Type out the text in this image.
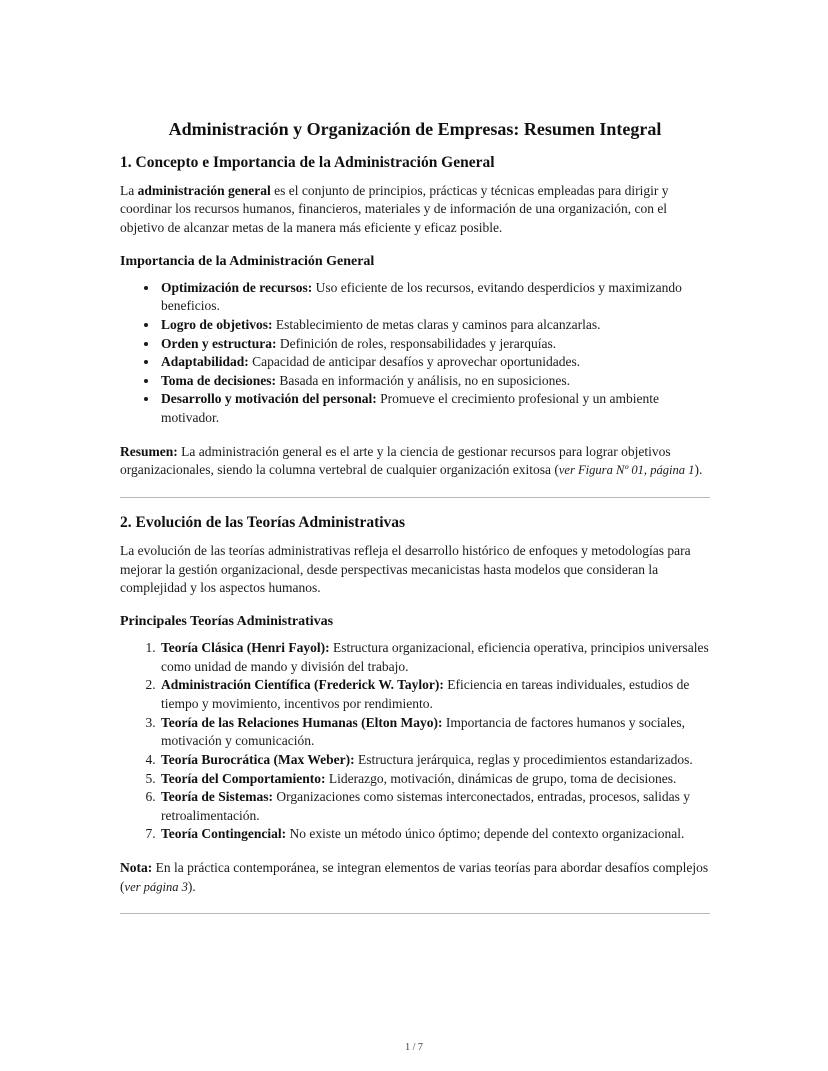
Administración y Organización de Empresas: Resumen Integral
1. Concepto e Importancia de la Administración General

La administración general es el conjunto de principios, prácticas y técnicas empleadas para dirigir y coordinar los recursos humanos, financieros, materiales y de información de una organización, con el objetivo de alcanzar metas de la manera más eficiente y eficaz posible.

Importancia de la Administración General
• Optimización de recursos: Uso eficiente de los recursos, evitando desperdicios y maximizando beneficios.
• Logro de objetivos: Establecimiento de metas claras y caminos para alcanzarlas.
• Orden y estructura: Definición de roles, responsabilidades y jerarquías.
• Adaptabilidad: Capacidad de anticipar desafíos y aprovechar oportunidades.
• Toma de decisiones: Basada en información y análisis, no en suposiciones.
• Desarrollo y motivación del personal: Promueve el crecimiento profesional y un ambiente motivador.

Resumen: La administración general es el arte y la ciencia de gestionar recursos para lograr objetivos organizacionales, siendo la columna vertebral de cualquier organización exitosa (ver Figura Nº 01, página 1).

2. Evolución de las Teorías Administrativas

La evolución de las teorías administrativas refleja el desarrollo histórico de enfoques y metodologías para mejorar la gestión organizacional, desde perspectivas mecanicistas hasta modelos que consideran la complejidad y los aspectos humanos.

Principales Teorías Administrativas
1. Teoría Clásica (Henri Fayol): Estructura organizacional, eficiencia operativa, principios universales como unidad de mando y división del trabajo.
2. Administración Científica (Frederick W. Taylor): Eficiencia en tareas individuales, estudios de tiempo y movimiento, incentivos por rendimiento.
3. Teoría de las Relaciones Humanas (Elton Mayo): Importancia de factores humanos y sociales, motivación y comunicación.
4. Teoría Burocrática (Max Weber): Estructura jerárquica, reglas y procedimientos estandarizados.
5. Teoría del Comportamiento: Liderazgo, motivación, dinámicas de grupo, toma de decisiones.
6. Teoría de Sistemas: Organizaciones como sistemas interconectados, entradas, procesos, salidas y retroalimentación.
7. Teoría Contingencial: No existe un método único óptimo; depende del contexto organizacional.

Nota: En la práctica contemporánea, se integran elementos de varias teorías para abordar desafíos complejos (ver página 3).

1 / 7
